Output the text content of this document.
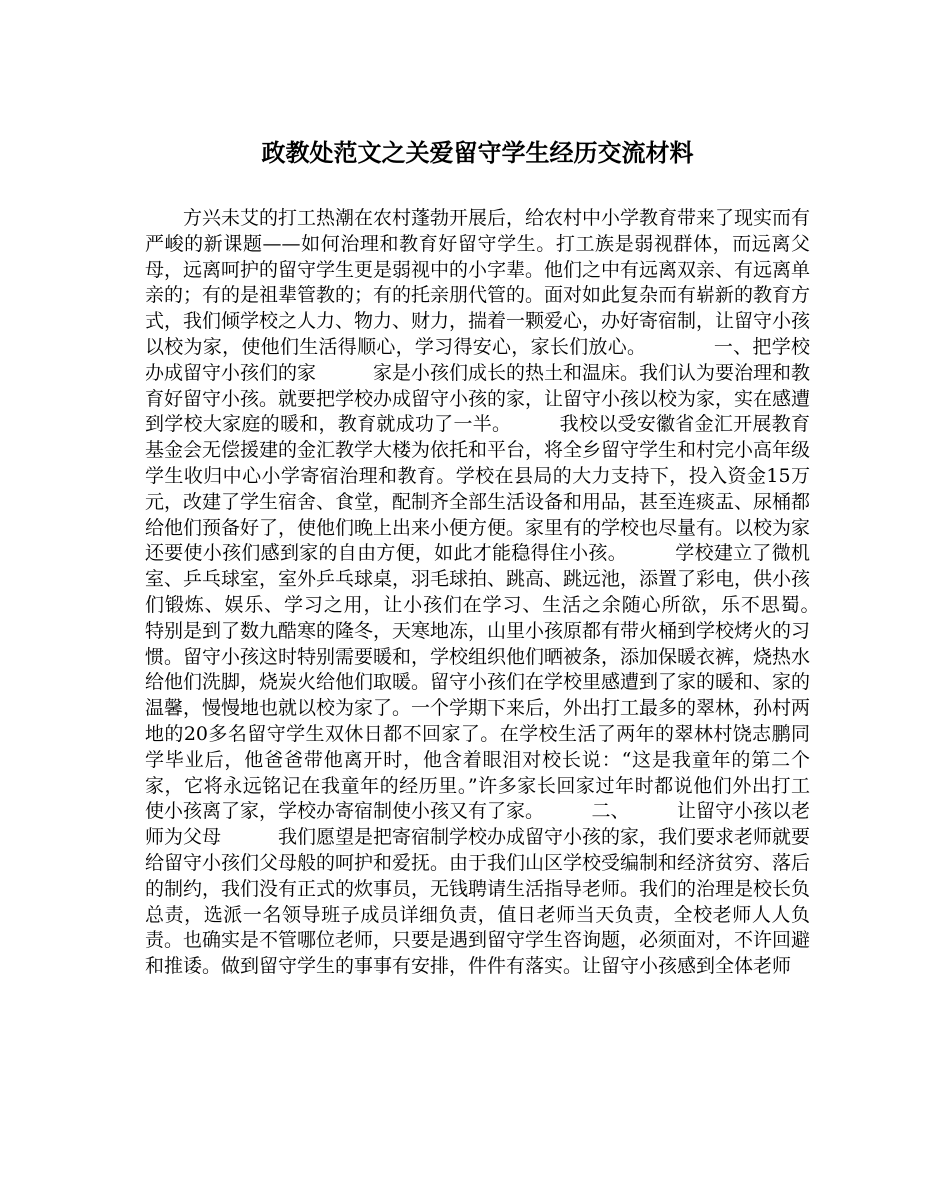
政教处范文之关爱留守学生经历交流材料

方兴未艾的打工热潮在农村蓬勃开展后，给农村中小学教育带来了现实而有严峻的新课题——如何治理和教育好留守学生。打工族是弱视群体，而远离父母，远离呵护的留守学生更是弱视中的小字辈。他们之中有远离双亲、有远离单亲的；有的是祖辈管教的；有的托亲朋代管的。面对如此复杂而有崭新的教育方式，我们倾学校之人力、物力、财力，揣着一颗爱心，办好寄宿制，让留守小孩以校为家，使他们生活得顺心，学习得安心，家长们放心。　　　　一、把学校办成留守小孩们的家　　　家是小孩们成长的热土和温床。我们认为要治理和教育好留守小孩。就要把学校办成留守小孩的家，让留守小孩以校为家，实在感遭到学校大家庭的暖和，教育就成功了一半。　　　我校以受安徽省金汇开展教育基金会无偿援建的金汇教学大楼为依托和平台，将全乡留守学生和村完小高年级学生收归中心小学寄宿治理和教育。学校在县局的大力支持下，投入资金15万元，改建了学生宿舍、食堂，配制齐全部生活设备和用品，甚至连痰盂、尿桶都给他们预备好了，使他们晚上出来小便方便。家里有的学校也尽量有。以校为家还要使小孩们感到家的自由方便，如此才能稳得住小孩。　　　学校建立了微机室、乒乓球室，室外乒乓球桌，羽毛球拍、跳高、跳远池，添置了彩电，供小孩们锻炼、娱乐、学习之用，让小孩们在学习、生活之余随心所欲，乐不思蜀。　　　特别是到了数九酷寒的隆冬，天寒地冻，山里小孩原都有带火桶到学校烤火的习惯。留守小孩这时特别需要暖和，学校组织他们晒被条，添加保暖衣裤，烧热水给他们洗脚，烧炭火给他们取暖。留守小孩们在学校里感遭到了家的暖和、家的温馨，慢慢地也就以校为家了。一个学期下来后，外出打工最多的翠林，孙村两地的20多名留守学生双休日都不回家了。在学校生活了两年的翠林村饶志鹏同学毕业后，他爸爸带他离开时，他含着眼泪对校长说：“这是我童年的第二个家，它将永远铭记在我童年的经历里。”许多家长回家过年时都说他们外出打工使小孩离了家，学校办寄宿制使小孩又有了家。　　　二、　　　让留守小孩以老师为父母　　　我们愿望是把寄宿制学校办成留守小孩的家，我们要求老师就要给留守小孩们父母般的呵护和爱抚。由于我们山区学校受编制和经济贫穷、落后的制约，我们没有正式的炊事员，无钱聘请生活指导老师。我们的治理是校长负总责，选派一名领导班子成员详细负责，值日老师当天负责，全校老师人人负责。也确实是不管哪位老师，只要是遇到留守学生咨询题，必须面对，不许回避和推诿。做到留守学生的事事有安排，件件有落实。让留守小孩感到全体老师
